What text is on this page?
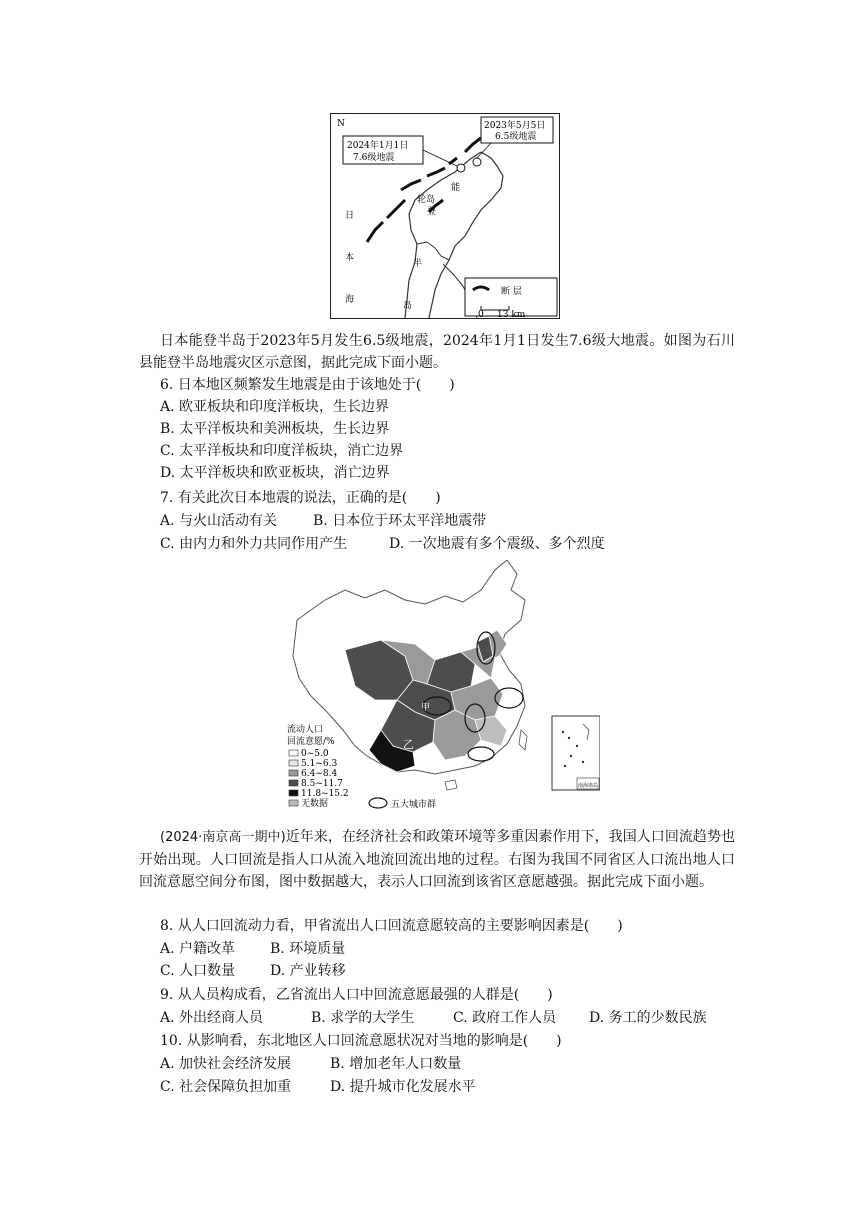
N	2023年5月5日
6.5级地震
2024年1月1日
7.6级地震
能
轮岛
登
半
岛
日
本
海
断 层
0 13 km
日本能登半岛于2023年5月发生6.5级地震，2024年1月1日发生7.6级大地震。如图为石川县能登半岛地震灾区示意图，据此完成下面小题。
6. 日本地区频繁发生地震是由于该地处于(　　)
A. 欧亚板块和印度洋板块，生长边界
B. 太平洋板块和美洲板块，生长边界
C. 太平洋板块和印度洋板块，消亡边界
D. 太平洋板块和欧亚板块，消亡边界
7. 有关此次日本地震的说法，正确的是(　　)
A. 与火山活动有关	B. 日本位于环太平洋地震带
C. 由内力和外力共同作用产生	D. 一次地震有多个震级、多个烈度
南海诸岛
甲
乙
流动人口
回流意愿/%
0~5.0
5.1~6.3
6.4~8.4
8.5~11.7
11.8~15.2
无数据	五大城市群
(2024·南京高一期中)近年来，在经济社会和政策环境等多重因素作用下，我国人口回流趋势也开始出现。人口回流是指人口从流入地流回流出地的过程。右图为我国不同省区人口流出地人口回流意愿空间分布图，图中数据越大，表示人口回流到该省区意愿越强。据此完成下面小题。
8. 从人口回流动力看，甲省流出人口回流意愿较高的主要影响因素是(　　)
A. 户籍改革 B. 环境质量
C. 人口数量 D. 产业转移
9. 从人员构成看，乙省流出人口中回流意愿最强的人群是(　　)
A. 外出经商人员	B. 求学的大学生	C. 政府工作人员 D. 务工的少数民族
10. 从影响看，东北地区人口回流意愿状况对当地的影响是(　　)
A. 加快社会经济发展	B. 增加老年人口数量
C. 社会保障负担加重	D. 提升城市化发展水平
